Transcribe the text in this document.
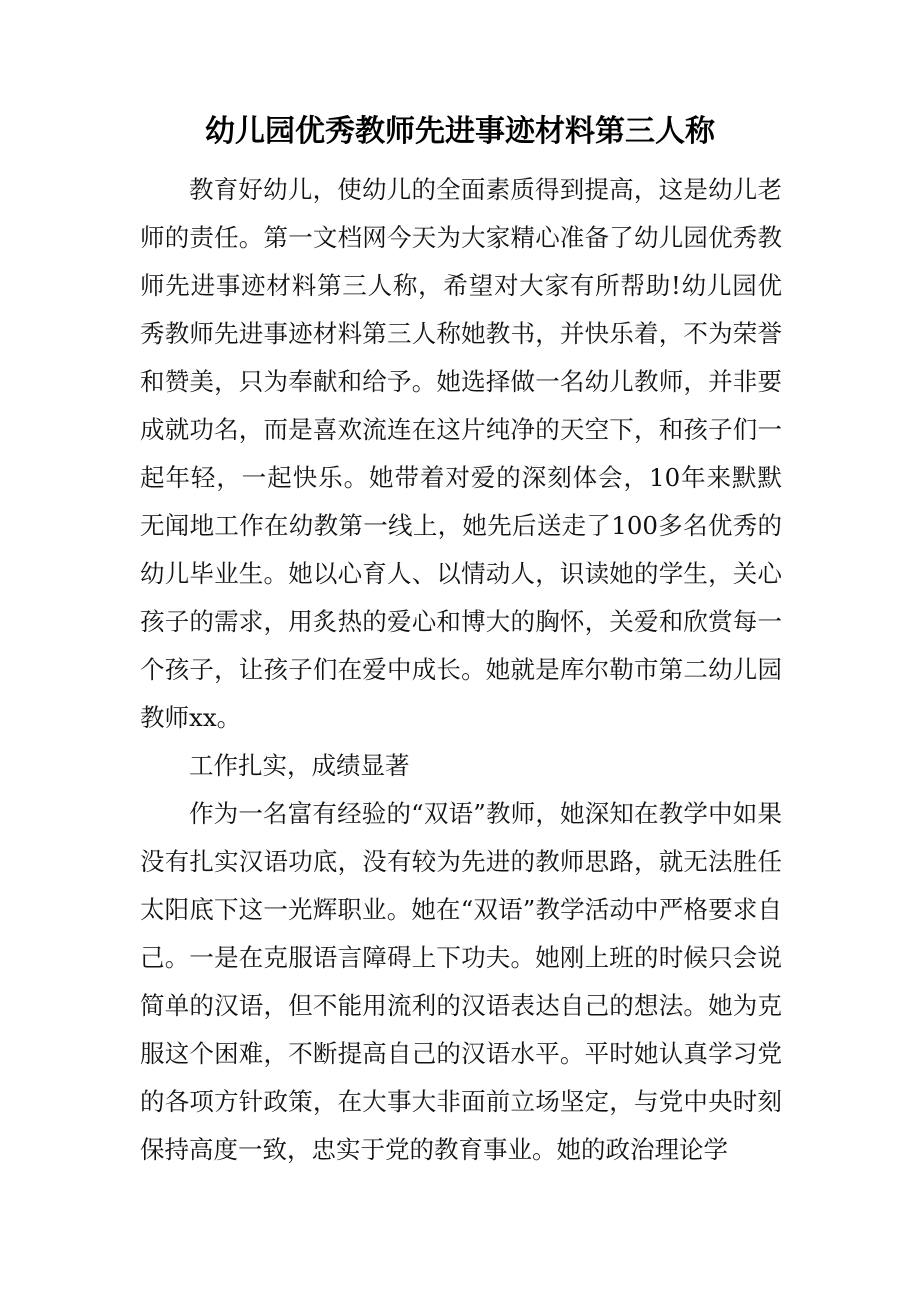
幼儿园优秀教师先进事迹材料第三人称

教育好幼儿，使幼儿的全面素质得到提高，这是幼儿老师的责任。第一文档网今天为大家精心准备了幼儿园优秀教师先进事迹材料第三人称，希望对大家有所帮助!幼儿园优秀教师先进事迹材料第三人称她教书，并快乐着，不为荣誉和赞美，只为奉献和给予。她选择做一名幼儿教师，并非要成就功名，而是喜欢流连在这片纯净的天空下，和孩子们一起年轻，一起快乐。她带着对爱的深刻体会，10年来默默无闻地工作在幼教第一线上，她先后送走了100多名优秀的幼儿毕业生。她以心育人、以情动人，识读她的学生，关心孩子的需求，用炙热的爱心和博大的胸怀，关爱和欣赏每一个孩子，让孩子们在爱中成长。她就是库尔勒市第二幼儿园教师xx。

工作扎实，成绩显著

作为一名富有经验的“双语”教师，她深知在教学中如果没有扎实汉语功底，没有较为先进的教师思路，就无法胜任太阳底下这一光辉职业。她在“双语”教学活动中严格要求自己。一是在克服语言障碍上下功夫。她刚上班的时候只会说简单的汉语，但不能用流利的汉语表达自己的想法。她为克服这个困难，不断提高自己的汉语水平。平时她认真学习党的各项方针政策，在大事大非面前立场坚定，与党中央时刻保持高度一致，忠实于党的教育事业。她的政治理论学
